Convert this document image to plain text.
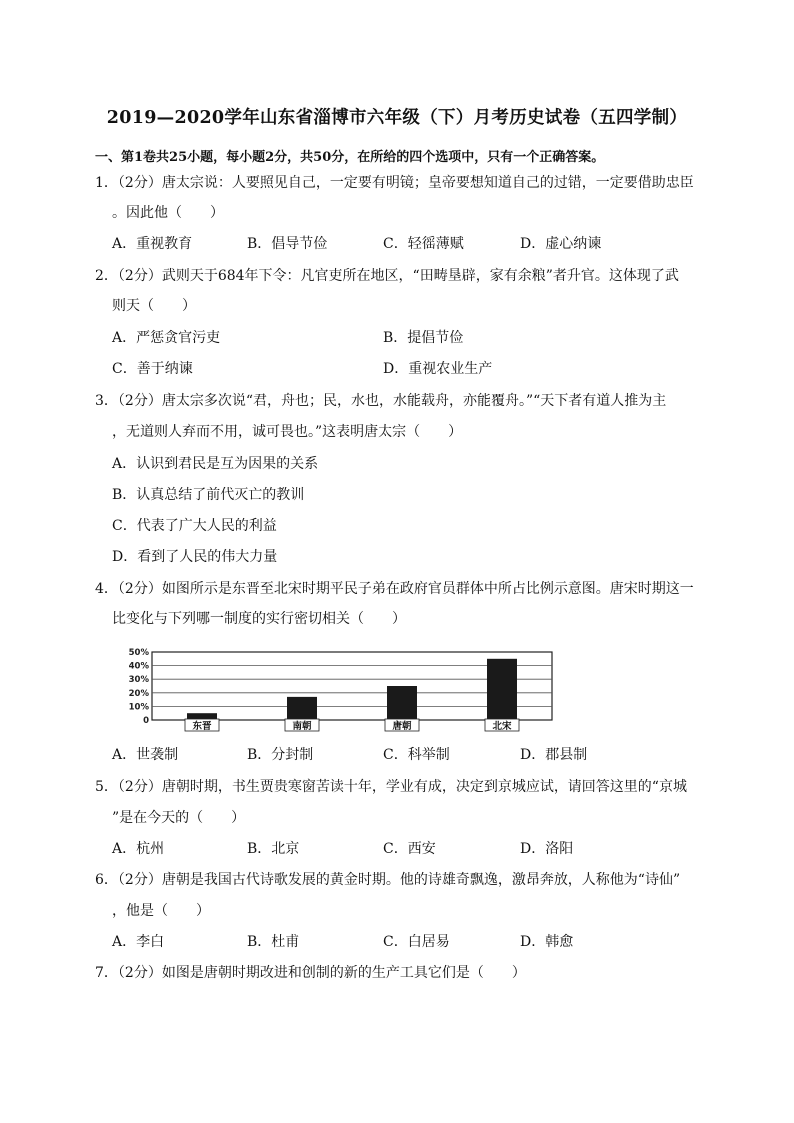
2019—2020学年山东省淄博市六年级（下）月考历史试卷（五四学制）
一、第1卷共25小题，每小题2分，共50分，在所给的四个选项中，只有一个正确答案。
1．（2分）唐太宗说：人要照见自己，一定要有明镜；皇帝要想知道自己的过错，一定要借助忠臣
。因此他（　　）
A．重视教育	B．倡导节俭	C．轻徭薄赋	D．虚心纳谏
2．（2分）武则天于684年下令：凡官吏所在地区，“田畴垦辟，家有余粮”者升官。这体现了武
则天（　　）
A．严惩贪官污吏	B．提倡节俭
C．善于纳谏	D．重视农业生产
3．（2分）唐太宗多次说“君，舟也；民，水也，水能载舟，亦能覆舟。”“天下者有道人推为主
，无道则人弃而不用，诚可畏也。”这表明唐太宗（　　）
A．认识到君民是互为因果的关系
B．认真总结了前代灭亡的教训
C．代表了广大人民的利益
D．看到了人民的伟大力量
4．（2分）如图所示是东晋至北宋时期平民子弟在政府官员群体中所占比例示意图。唐宋时期这一
比变化与下列哪一制度的实行密切相关（　　）
0
10%
20%
30%
40%
50%
东晋	南朝	唐朝	北宋
A．世袭制	B．分封制	C．科举制	D．郡县制
5．（2分）唐朝时期，书生贾贵寒窗苦读十年，学业有成，决定到京城应试，请回答这里的“京城
”是在今天的（　　）
A．杭州	B．北京	C．西安	D．洛阳
6．（2分）唐朝是我国古代诗歌发展的黄金时期。他的诗雄奇飘逸，激昂奔放，人称他为“诗仙”
，他是（　　）
A．李白	B．杜甫	C．白居易	D．韩愈
7．（2分）如图是唐朝时期改进和创制的新的生产工具它们是（　　）
